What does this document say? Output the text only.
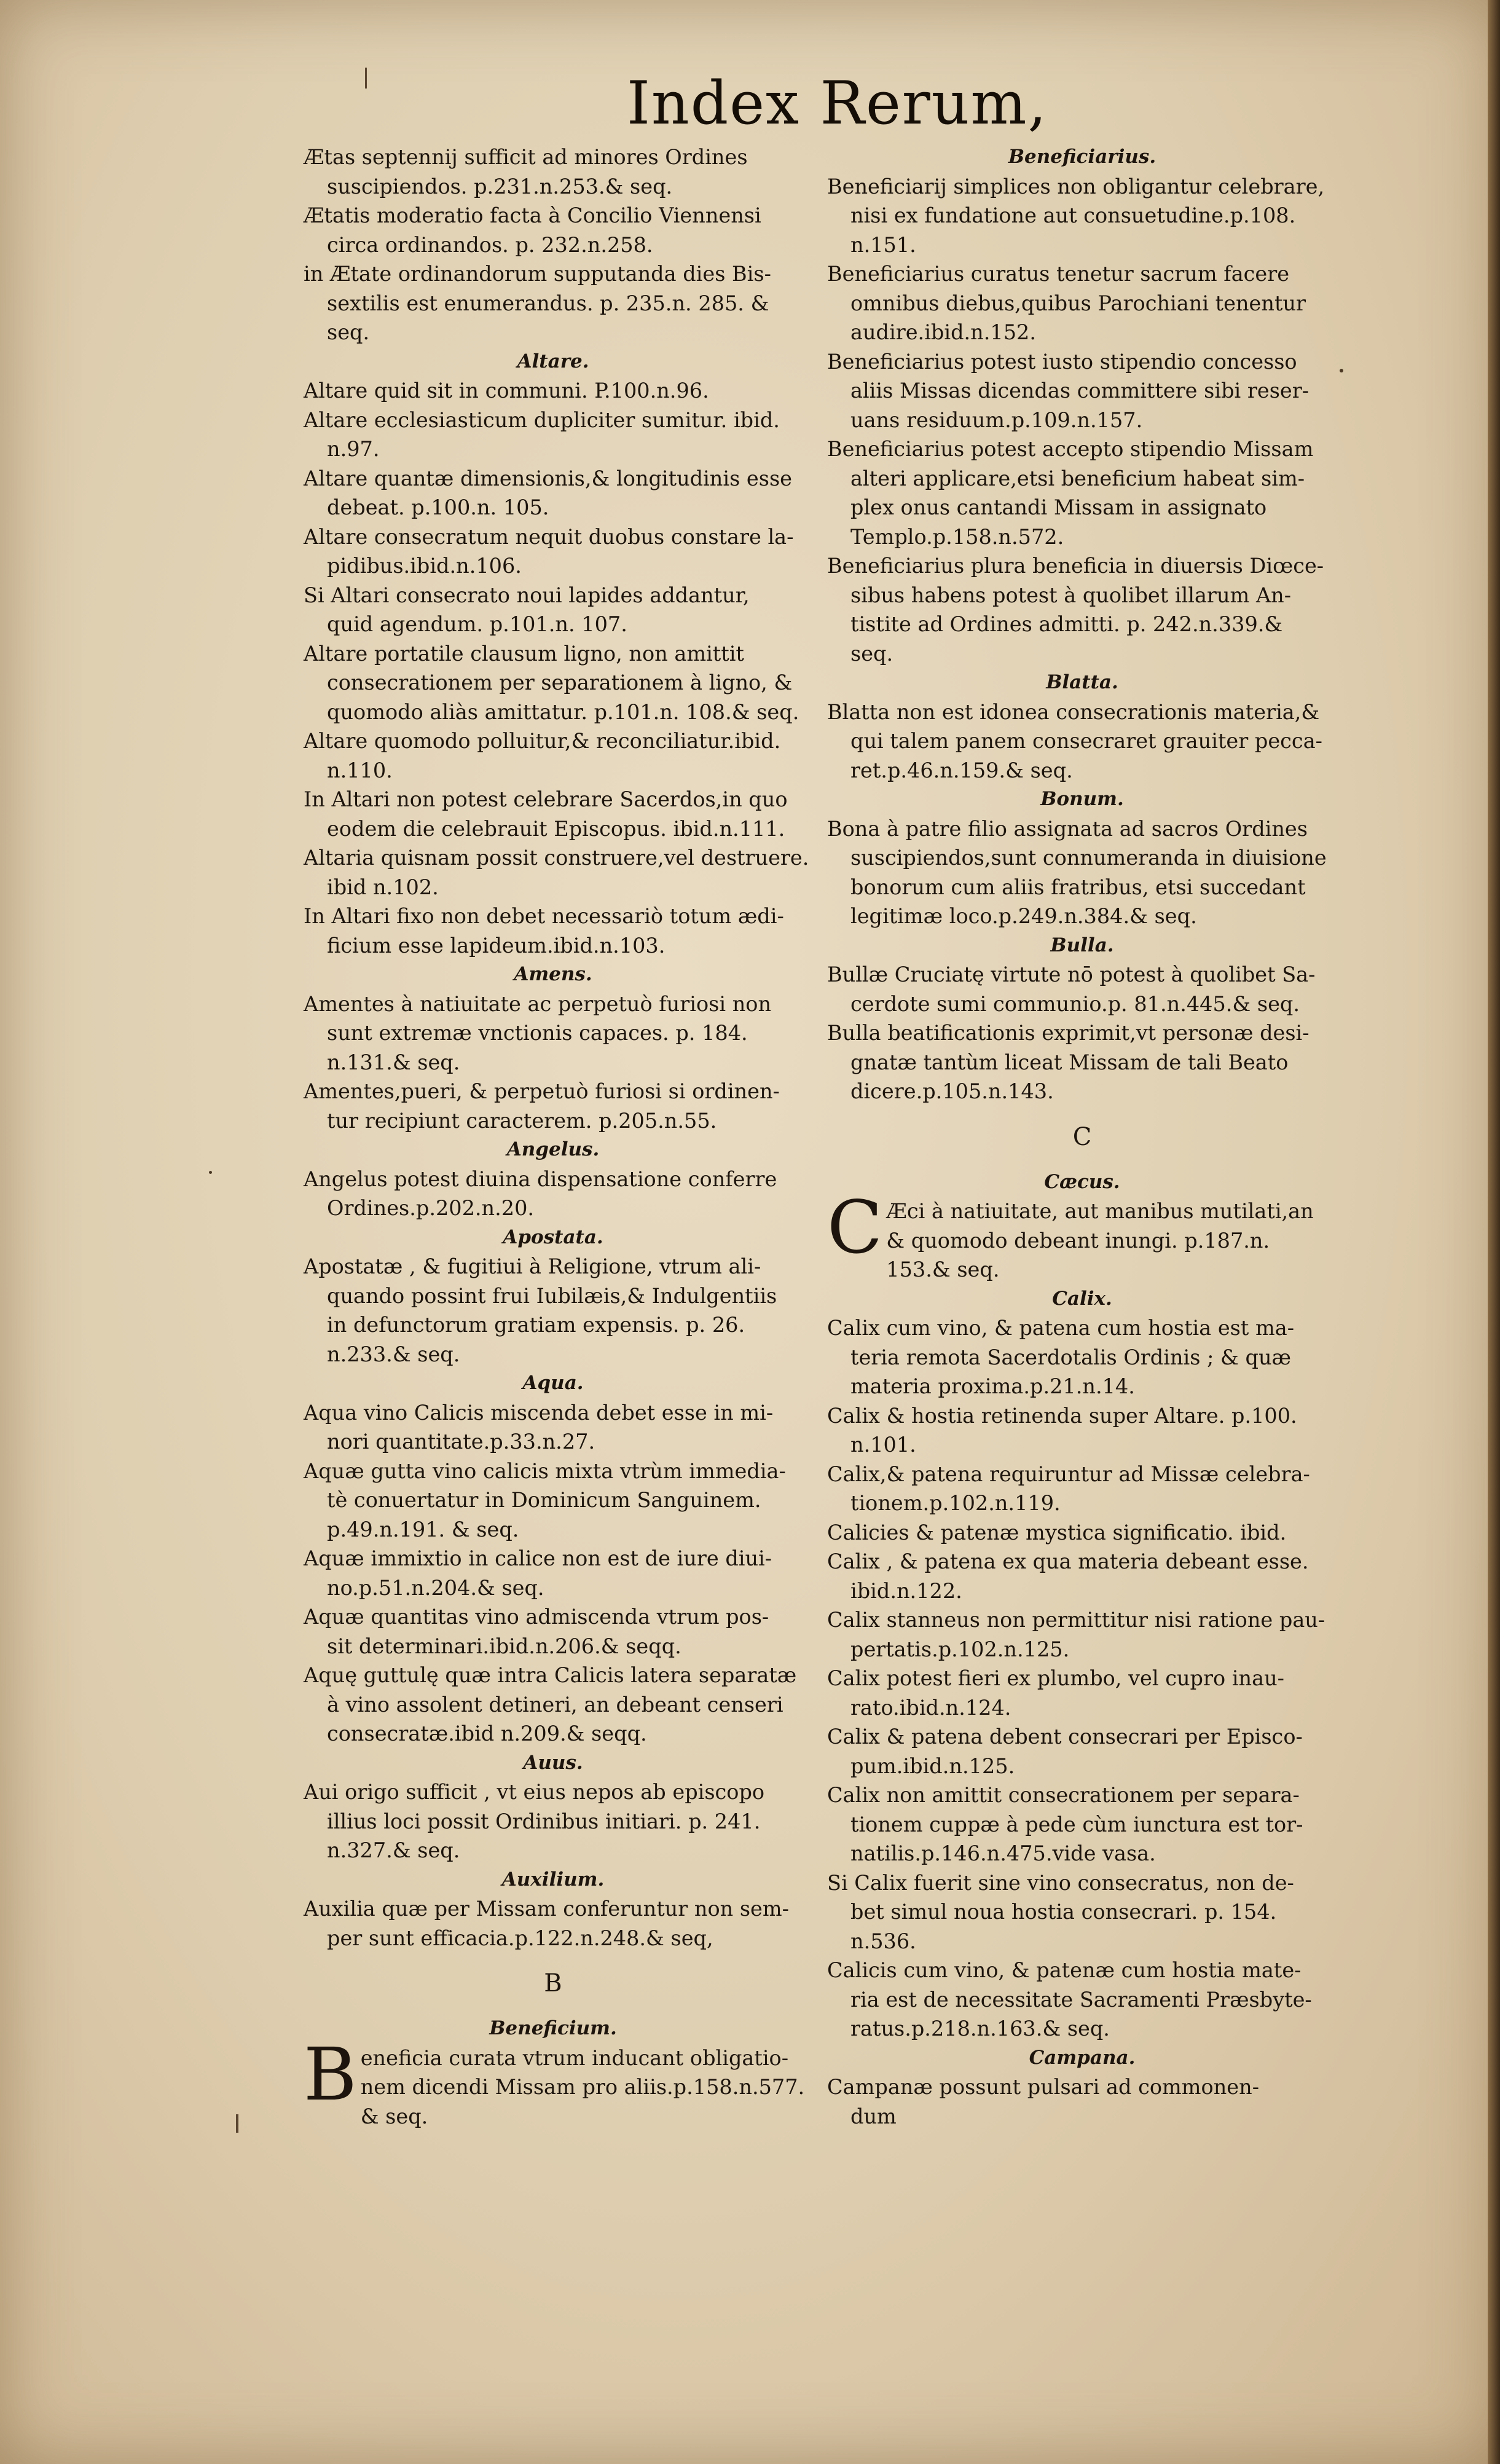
Index Rerum,
Ætas septennij sufficit ad minores Ordines
suscipiendos. p.231.n.253.& seq.
Ætatis moderatio facta à Concilio Viennensi
circa ordinandos. p. 232.n.258.
in Ætate ordinandorum supputanda dies Bis-
sextilis est enumerandus. p. 235.n. 285. &
seq.
Altare.
Altare quid sit in communi. P.100.n.96.
Altare ecclesiasticum dupliciter sumitur. ibid.
n.97.
Altare quantæ dimensionis,& longitudinis esse
debeat. p.100.n. 105.
Altare consecratum nequit duobus constare la-
pidibus.ibid.n.106.
Si Altari consecrato noui lapides addantur,
quid agendum. p.101.n. 107.
Altare portatile clausum ligno, non amittit
consecrationem per separationem à ligno, &
quomodo aliàs amittatur. p.101.n. 108.& seq.
Altare quomodo polluitur,& reconciliatur.ibid.
n.110.
In Altari non potest celebrare Sacerdos,in quo
eodem die celebrauit Episcopus. ibid.n.111.
Altaria quisnam possit construere,vel destruere.
ibid n.102.
In Altari fixo non debet necessariò totum ædi-
ficium esse lapideum.ibid.n.103.
Amens.
Amentes à natiuitate ac perpetuò furiosi non
sunt extremæ vnctionis capaces. p. 184.
n.131.& seq.
Amentes,pueri, & perpetuò furiosi si ordinen-
tur recipiunt caracterem. p.205.n.55.
Angelus.
Angelus potest diuina dispensatione conferre
Ordines.p.202.n.20.
Apostata.
Apostatæ , & fugitiui à Religione, vtrum ali-
quando possint frui Iubilæis,& Indulgentiis
in defunctorum gratiam expensis. p. 26.
n.233.& seq.
Aqua.
Aqua vino Calicis miscenda debet esse in mi-
nori quantitate.p.33.n.27.
Aquæ gutta vino calicis mixta vtrùm immedia-
tè conuertatur in Dominicum Sanguinem.
p.49.n.191. & seq.
Aquæ immixtio in calice non est de iure diui-
no.p.51.n.204.& seq.
Aquæ quantitas vino admiscenda vtrum pos-
sit determinari.ibid.n.206.& seqq.
Aquę guttulę quæ intra Calicis latera separatæ
à vino assolent detineri, an debeant censeri
consecratæ.ibid n.209.& seqq.
Auus.
Aui origo sufficit , vt eius nepos ab episcopo
illius loci possit Ordinibus initiari. p. 241.
n.327.& seq.
Auxilium.
Auxilia quæ per Missam conferuntur non sem-
per sunt efficacia.p.122.n.248.& seq,
B
Beneficium.
B eneficia curata vtrum inducant obligatio-
nem dicendi Missam pro aliis.p.158.n.577.
& seq.
Beneficiarius.
Beneficiarij simplices non obligantur celebrare,
nisi ex fundatione aut consuetudine.p.108.
n.151.
Beneficiarius curatus tenetur sacrum facere
omnibus diebus,quibus Parochiani tenentur
audire.ibid.n.152.
Beneficiarius potest iusto stipendio concesso
aliis Missas dicendas committere sibi reser-
uans residuum.p.109.n.157.
Beneficiarius potest accepto stipendio Missam
alteri applicare,etsi beneficium habeat sim-
plex onus cantandi Missam in assignato
Templo.p.158.n.572.
Beneficiarius plura beneficia in diuersis Diœce-
sibus habens potest à quolibet illarum An-
tistite ad Ordines admitti. p. 242.n.339.&
seq.
Blatta.
Blatta non est idonea consecrationis materia,&
qui talem panem consecraret grauiter pecca-
ret.p.46.n.159.& seq.
Bonum.
Bona à patre filio assignata ad sacros Ordines
suscipiendos,sunt connumeranda in diuisione
bonorum cum aliis fratribus, etsi succedant
legitimæ loco.p.249.n.384.& seq.
Bulla.
Bullæ Cruciatę virtute nō potest à quolibet Sa-
cerdote sumi communio.p. 81.n.445.& seq.
Bulla beatificationis exprimit,vt personæ desi-
gnatæ tantùm liceat Missam de tali Beato
dicere.p.105.n.143.
C
Cæcus.
C Æci à natiuitate, aut manibus mutilati,an
& quomodo debeant inungi. p.187.n.
153.& seq.
Calix.
Calix cum vino, & patena cum hostia est ma-
teria remota Sacerdotalis Ordinis ; & quæ
materia proxima.p.21.n.14.
Calix & hostia retinenda super Altare. p.100.
n.101.
Calix,& patena requiruntur ad Missæ celebra-
tionem.p.102.n.119.
Calicies & patenæ mystica significatio. ibid.
Calix , & patena ex qua materia debeant esse.
ibid.n.122.
Calix stanneus non permittitur nisi ratione pau-
pertatis.p.102.n.125.
Calix potest fieri ex plumbo, vel cupro inau-
rato.ibid.n.124.
Calix & patena debent consecrari per Episco-
pum.ibid.n.125.
Calix non amittit consecrationem per separa-
tionem cuppæ à pede cùm iunctura est tor-
natilis.p.146.n.475.vide vasa.
Si Calix fuerit sine vino consecratus, non de-
bet simul noua hostia consecrari. p. 154.
n.536.
Calicis cum vino, & patenæ cum hostia mate-
ria est de necessitate Sacramenti Præsbyte-
ratus.p.218.n.163.& seq.
Campana.
Campanæ possunt pulsari ad commonen-
dum
